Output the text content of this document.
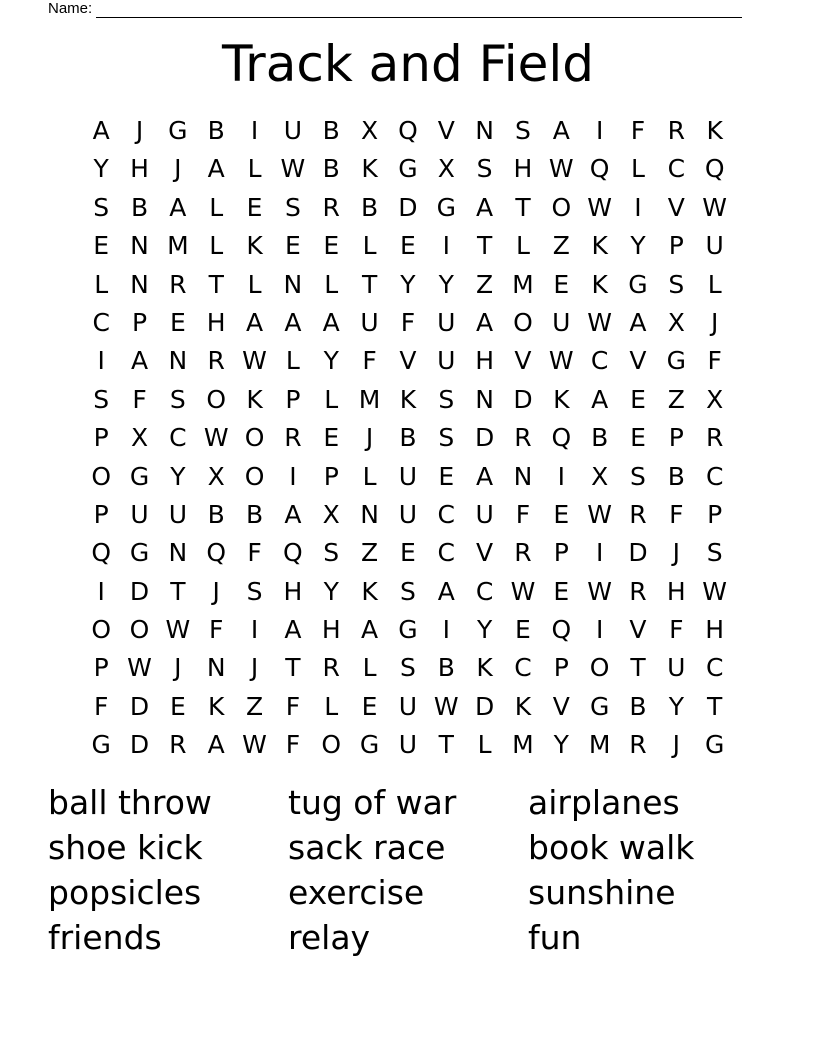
Name:
Track and Field
A	J G B	I	U B X Q V N S A	I	F R K
Y H	J	A L W B K G X S H W Q L C Q
S B A L E S R B D G A T O W I	V W
E N M L K E E L E	I	T L Z K Y P U
L N R T L N L T Y Y Z M E K G S L
C P E H A A A U F U A O U W A X	J
I	A N R W L Y F V U H V W C V G F
S F S O K P L M K S N D K A E Z X
P X C W O R E	J	B S D R Q B E P R
O G Y X O I	P L U E A N	I	X S B C
P U U B B A X N U C U F E W R F P
Q G N Q F Q S Z E C V R P	I	D	J	S
I	D T	J	S H Y K S A C W E W R H W
O O W F	I	A H A G I	Y E Q I	V F H
P W J	N	J	T R L S B K C P O T U C
F D E K Z F L E U W D K V G B Y T
G D R A W F O G U T L M Y M R	J G
ball throw	tug of war	airplanes
shoe kick	sack race	book walk
popsicles	exercise	sunshine
friends	relay	fun
